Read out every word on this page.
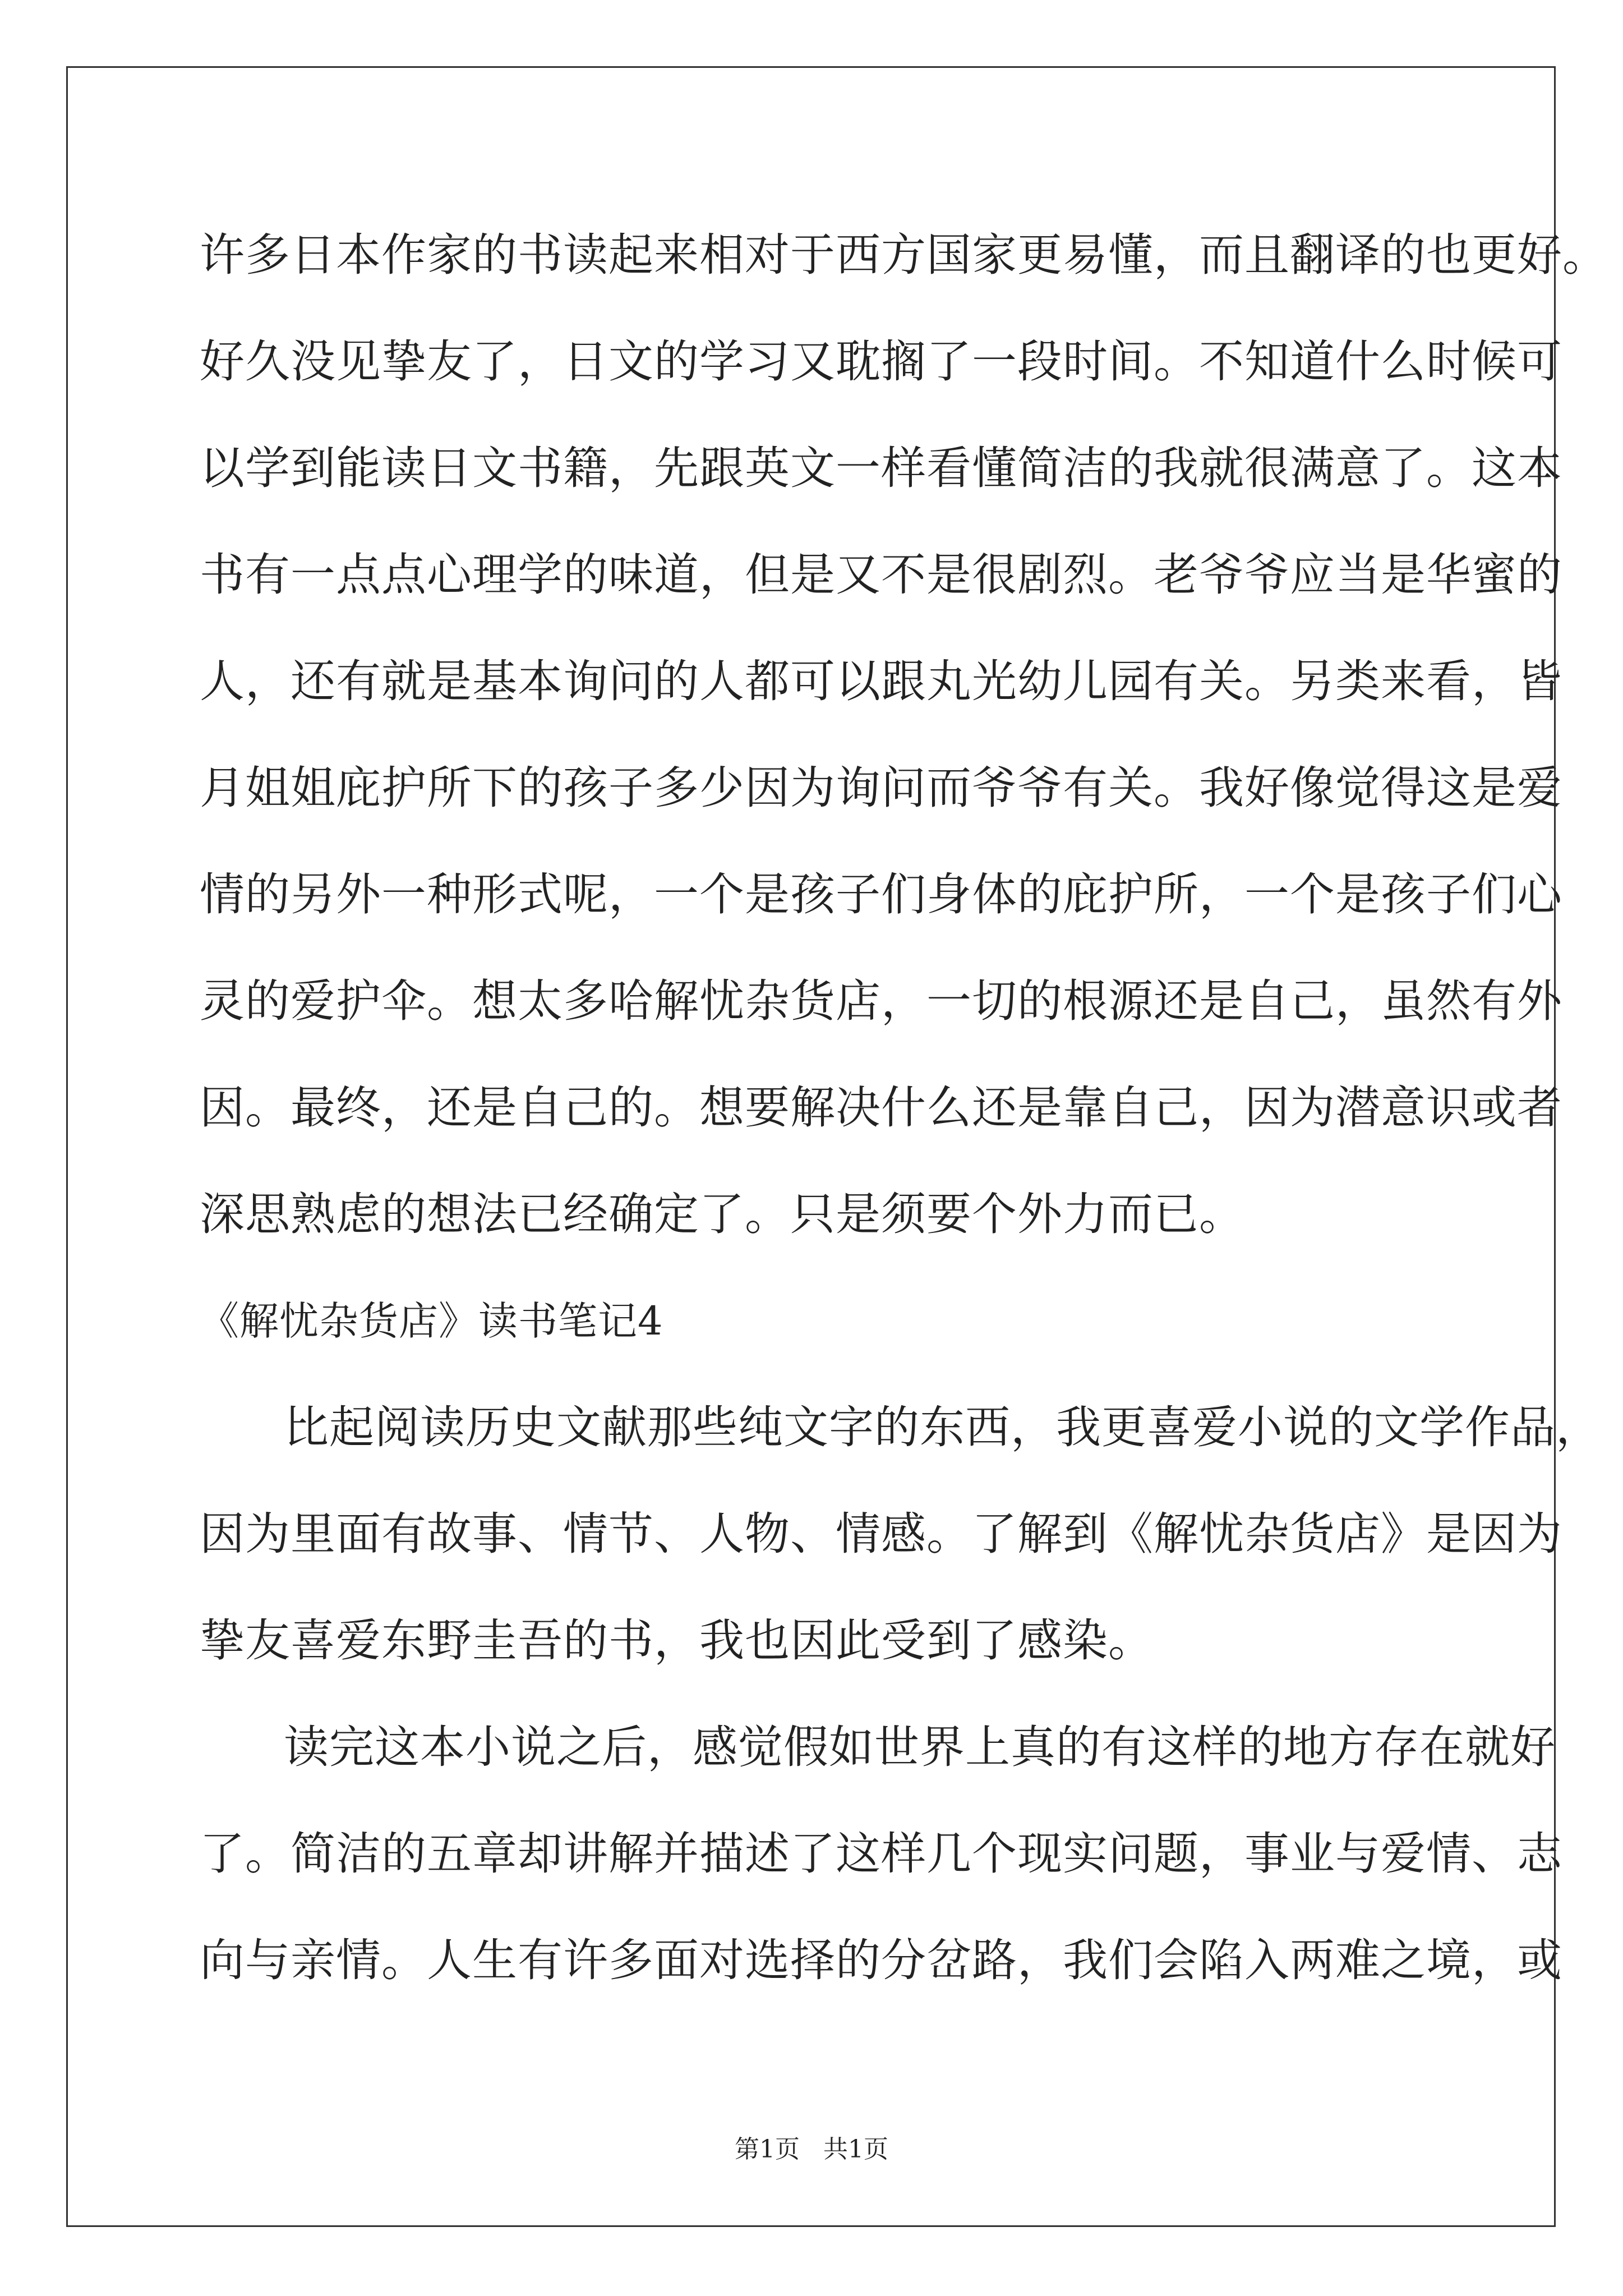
许多日本作家的书读起来相对于西方国家更易懂，而且翻译的也更好。
好久没见挚友了，日文的学习又耽搁了一段时间。不知道什么时候可
以学到能读日文书籍，先跟英文一样看懂简洁的我就很满意了。这本
书有一点点心理学的味道，但是又不是很剧烈。老爷爷应当是华蜜的
人，还有就是基本询问的人都可以跟丸光幼儿园有关。另类来看，皆
月姐姐庇护所下的孩子多少因为询问而爷爷有关。我好像觉得这是爱
情的另外一种形式呢，一个是孩子们身体的庇护所，一个是孩子们心
灵的爱护伞。想太多哈解忧杂货店，一切的根源还是自己，虽然有外
因。最终，还是自己的。想要解决什么还是靠自己，因为潜意识或者
深思熟虑的想法已经确定了。只是须要个外力而已。
《解忧杂货店》读书笔记4
比起阅读历史文献那些纯文字的东西，我更喜爱小说的文学作品，
因为里面有故事、情节、人物、情感。了解到《解忧杂货店》是因为
挚友喜爱东野圭吾的书，我也因此受到了感染。
读完这本小说之后，感觉假如世界上真的有这样的地方存在就好
了。简洁的五章却讲解并描述了这样几个现实问题，事业与爱情、志
向与亲情。人生有许多面对选择的分岔路，我们会陷入两难之境，或
第1页   共1页
